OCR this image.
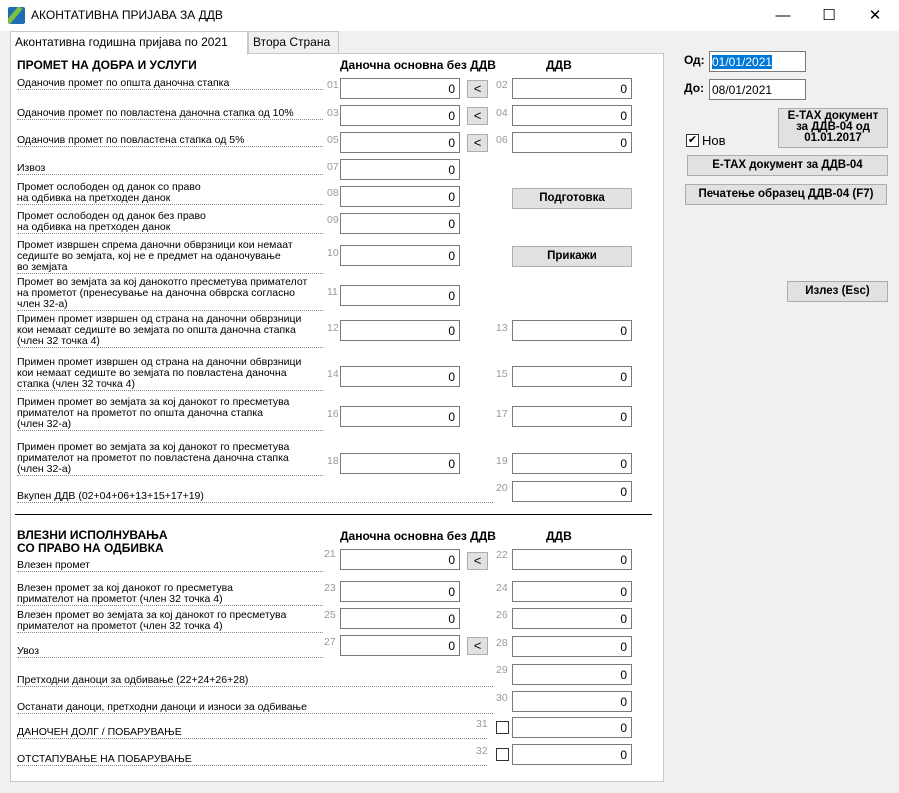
АКОНТАТИВНА ПРИЈАВА ЗА ДДВ	—	☐	✕
Аконтативна годишна пријава по 2021	Втора Страна
ПРОМЕТ НА ДОБРА И УСЛУГИ	Даночна основна без ДДВ	ДДВ
ВЛЕЗНИ ИСПОЛНУВАЊА
СО ПРАВО НА ОДБИВКА
Даночна основна без ДДВ	ДДВ
Оданочив промет по општа даночна стапка	01	0	<	02	0
Оданочив промет по повластена даночна стапка од 10%	03	0	<	04	0
Оданочив промет по повластена стапка од 5%	05	0	<	06	0
Извоз	07	0
Промет ослободен од данок со право
на одбивка на претходен данок	08	0
Промет ослободен од данок без право
на одбивка на претходен данок
09	0
Промет извршен спрема даночни обврзници кои немаат
седиште во земјата, кој не е предмет на оданочување
во земјата
10	0
Промет во земјата за кој данокотго пресметува примателот
на прометот (пренесување на даночна обврска согласно
член 32-а)
11	0
Примен промет извршен од страна на даночни обврзници
кои немаат седиште во земјата по општа даночна стапка
(член 32 точка 4)
12	0	13	0
Примен промет извршен од страна на даночни обврзници
кои немаат седиште во земјата по повластена даночна
стапка (член 32 точка 4)
14	0	15	0
Примен промет во земјата за кој данокот го пресметува
примателот на прометот по општа даночна стапка
(член 32-а)
16	0	17	0
Примен промет во земјата за кој данокот го пресметува
примателот на прометот по повластена даночна стапка
(член 32-а)
18	0	19	0
Вкупен ДДВ (02+04+06+13+15+17+19)
20	0
Влезен промет
21	0	<	22	0
Влезен промет за кој данокот го пресметува
примателот на прометот (член 32 точка 4)
23	0	24	0
Влезен промет во земјата за кој данокот го пресметува
примателот на прометот (член 32 точка 4)
25	0	26	0
Увоз
27	0	<	28	0
Претходни даноци за одбивање (22+24+26+28)
29	0
Останати даноци, претходни даноци и износи за одбивање
30	0
ДАНОЧЕН ДОЛГ / ПОБАРУВАЊЕ
31	0
ОТСТАПУВАЊЕ НА ПОБАРУВАЊЕ
32	0
Подготовка
Прикажи
Од: 01/01/2021
До: 08/01/2021
Е-ТАХ документ
за ДДВ-04 од
01.01.2017
✔ Нов
Е-ТАХ документ за ДДВ-04
Печатење образец ДДВ-04 (F7)
Излез (Esc)
